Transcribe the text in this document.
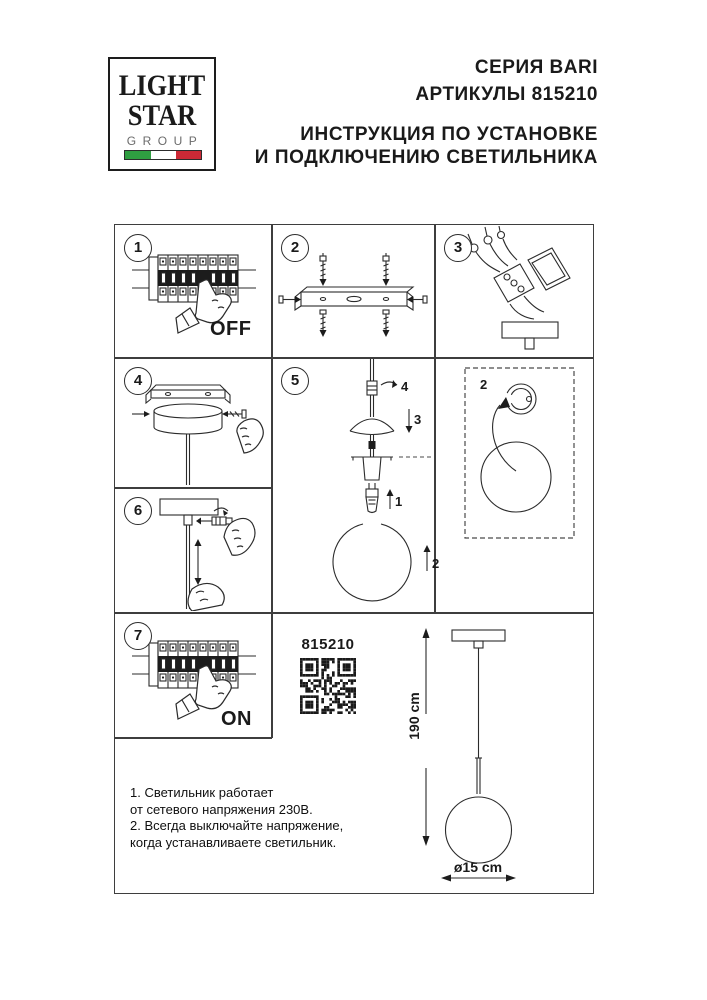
LIGHT
STAR
GROUP
СЕРИЯ BARI
АРТИКУЛЫ 815210
ИНСТРУКЦИЯ ПО УСТАНОВКЕ
И ПОДКЛЮЧЕНИЮ СВЕТИЛЬНИКА
1
OFF
2	3
4	5	4
3
1
2
2
6
7
ON
815210
1. Светильник работает
от сетевого напряжения 230В.
2. Всегда выключайте напряжение,
когда устанавливаете светильник.
190 cm
ø15 cm
